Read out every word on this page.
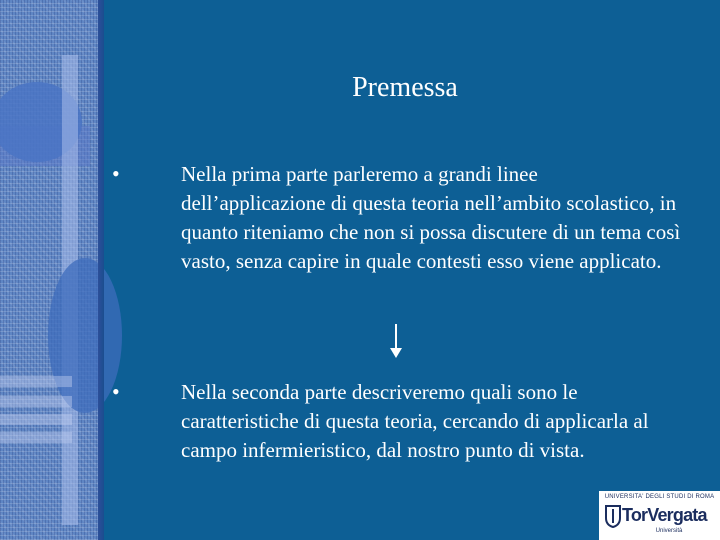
Premessa
•	Nella prima parte parleremo a grandi linee dell’applicazione di questa teoria nell’ambito scolastico, in quanto riteniamo che non si possa discutere di un tema così vasto, senza capire in quale contesti esso viene applicato.
•	Nella seconda parte descriveremo quali sono le caratteristiche di questa teoria, cercando di applicarla al campo infermieristico, dal nostro punto di vista.
UNIVERSITA' DEGLI STUDI DI ROMA
TorVergata
Università
